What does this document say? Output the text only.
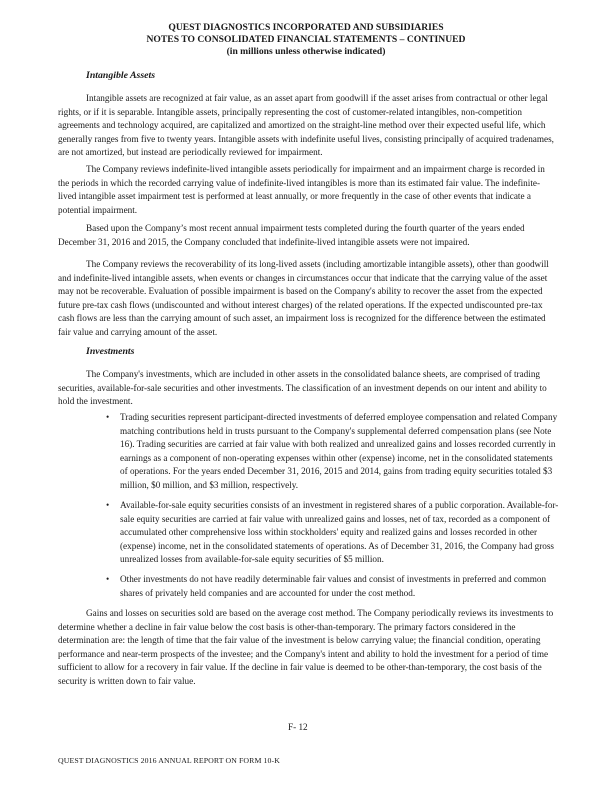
QUEST DIAGNOSTICS INCORPORATED AND SUBSIDIARIES
NOTES TO CONSOLIDATED FINANCIAL STATEMENTS – CONTINUED
(in millions unless otherwise indicated)
Intangible Assets

Intangible assets are recognized at fair value, as an asset apart from goodwill if the asset arises from contractual or other legal rights, or if it is separable. Intangible assets, principally representing the cost of customer-related intangibles, non-competition agreements and technology acquired, are capitalized and amortized on the straight-line method over their expected useful life, which generally ranges from five to twenty years. Intangible assets with indefinite useful lives, consisting principally of acquired tradenames, are not amortized, but instead are periodically reviewed for impairment.

The Company reviews indefinite-lived intangible assets periodically for impairment and an impairment charge is recorded in the periods in which the recorded carrying value of indefinite-lived intangibles is more than its estimated fair value. The indefinite-lived intangible asset impairment test is performed at least annually, or more frequently in the case of other events that indicate a potential impairment.

Based upon the Company’s most recent annual impairment tests completed during the fourth quarter of the years ended December 31, 2016 and 2015, the Company concluded that indefinite-lived intangible assets were not impaired.

The Company reviews the recoverability of its long-lived assets (including amortizable intangible assets), other than goodwill and indefinite-lived intangible assets, when events or changes in circumstances occur that indicate that the carrying value of the asset may not be recoverable. Evaluation of possible impairment is based on the Company's ability to recover the asset from the expected future pre-tax cash flows (undiscounted and without interest charges) of the related operations. If the expected undiscounted pre-tax cash flows are less than the carrying amount of such asset, an impairment loss is recognized for the difference between the estimated fair value and carrying amount of the asset.

Investments

The Company's investments, which are included in other assets in the consolidated balance sheets, are comprised of trading securities, available-for-sale securities and other investments. The classification of an investment depends on our intent and ability to hold the investment.

• Trading securities represent participant-directed investments of deferred employee compensation and related Company matching contributions held in trusts pursuant to the Company's supplemental deferred compensation plans (see Note 16). Trading securities are carried at fair value with both realized and unrealized gains and losses recorded currently in earnings as a component of non-operating expenses within other (expense) income, net in the consolidated statements of operations. For the years ended December 31, 2016, 2015 and 2014, gains from trading equity securities totaled $3 million, $0 million, and $3 million, respectively.
• Available-for-sale equity securities consists of an investment in registered shares of a public corporation. Available-for-sale equity securities are carried at fair value with unrealized gains and losses, net of tax, recorded as a component of accumulated other comprehensive loss within stockholders' equity and realized gains and losses recorded in other (expense) income, net in the consolidated statements of operations. As of December 31, 2016, the Company had gross unrealized losses from available-for-sale equity securities of $5 million.
• Other investments do not have readily determinable fair values and consist of investments in preferred and common shares of privately held companies and are accounted for under the cost method.

Gains and losses on securities sold are based on the average cost method. The Company periodically reviews its investments to determine whether a decline in fair value below the cost basis is other-than-temporary. The primary factors considered in the determination are: the length of time that the fair value of the investment is below carrying value; the financial condition, operating performance and near-term prospects of the investee; and the Company's intent and ability to hold the investment for a period of time sufficient to allow for a recovery in fair value. If the decline in fair value is deemed to be other-than-temporary, the cost basis of the security is written down to fair value.

F- 12
QUEST DIAGNOSTICS 2016 ANNUAL REPORT ON FORM 10-K
